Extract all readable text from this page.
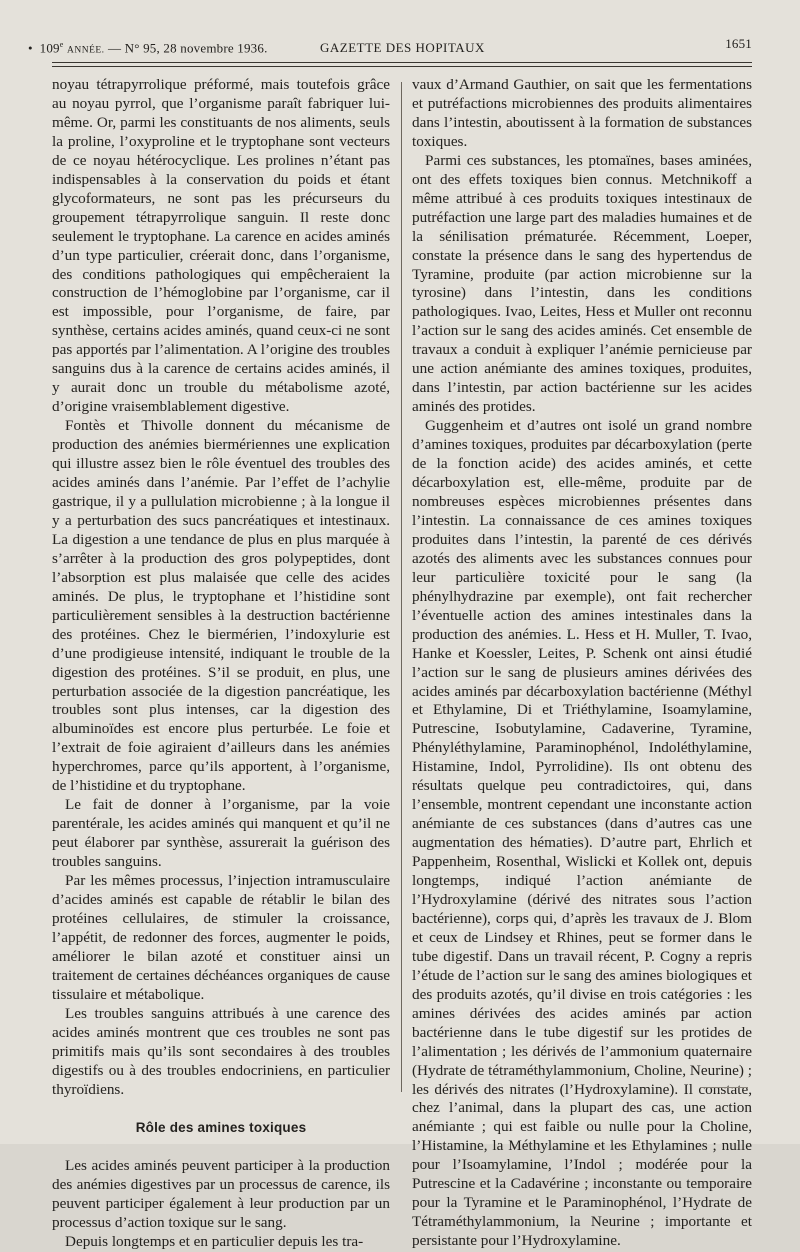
•  109e ANNÉE. — N° 95, 28 novembre 1936.	GAZETTE DES HOPITAUX	1651

noyau tétrapyrrolique préformé, mais toutefois grâce au noyau pyrrol, que l’organisme paraît fabriquer lui-même. Or, parmi les constituants de nos aliments, seuls la proline, l’oxyproline et le tryptophane sont vecteurs de ce noyau hétérocyclique. Les prolines n’étant pas indispensables à la conservation du poids et étant glycoformateurs, ne sont pas les précurseurs du groupement tétrapyrrolique sanguin. Il reste donc seulement le tryptophane. La carence en acides aminés d’un type particulier, créerait donc, dans l’organisme, des conditions pathologiques qui empêcheraient la construction de l’hémoglobine par l’organisme, car il est impossible, pour l’organisme, de faire, par synthèse, certains acides aminés, quand ceux-ci ne sont pas apportés par l’alimentation. A l’origine des troubles sanguins dus à la carence de certains acides aminés, il y aurait donc un trouble du métabolisme azoté, d’origine vraisemblablement digestive.

Fontès et Thivolle donnent du mécanisme de production des anémies biermériennes une explication qui illustre assez bien le rôle éventuel des troubles des acides aminés dans l’anémie. Par l’effet de l’achylie gastrique, il y a pullulation microbienne ; à la longue il y a perturbation des sucs pancréatiques et intestinaux. La digestion a une tendance de plus en plus marquée à s’arrêter à la production des gros polypeptides, dont l’absorption est plus malaisée que celle des acides aminés. De plus, le tryptophane et l’histidine sont particulièrement sensibles à la destruction bactérienne des protéines. Chez le biermérien, l’indoxylurie est d’une prodigieuse intensité, indiquant le trouble de la digestion des protéines. S’il se produit, en plus, une perturbation associée de la digestion pancréatique, les troubles sont plus intenses, car la digestion des albuminoïdes est encore plus perturbée. Le foie et l’extrait de foie agiraient d’ailleurs dans les anémies hyperchromes, parce qu’ils apportent, à l’organisme, de l’histidine et du tryptophane.

Le fait de donner à l’organisme, par la voie parentérale, les acides aminés qui manquent et qu’il ne peut élaborer par synthèse, assurerait la guérison des troubles sanguins.

Par les mêmes processus, l’injection intramusculaire d’acides aminés est capable de rétablir le bilan des protéines cellulaires, de stimuler la croissance, l’appétit, de redonner des forces, augmenter le poids, améliorer le bilan azoté et constituer ainsi un traitement de certaines déchéances organiques de cause tissulaire et métabolique.

Les troubles sanguins attribués à une carence des acides aminés montrent que ces troubles ne sont pas primitifs mais qu’ils sont secondaires à des troubles digestifs ou à des troubles endocriniens, en particulier thyroïdiens.

Rôle des amines toxiques

Les acides aminés peuvent participer à la production des anémies digestives par un processus de carence, ils peuvent participer également à leur production par un processus d’action toxique sur le sang.

Depuis longtemps et en particulier depuis les tra-

vaux d’Armand Gauthier, on sait que les fermentations et putréfactions microbiennes des produits alimentaires dans l’intestin, aboutissent à la formation de substances toxiques.

Parmi ces substances, les ptomaïnes, bases aminées, ont des effets toxiques bien connus. Metchnikoff a même attribué à ces produits toxiques intestinaux de putréfaction une large part des maladies humaines et de la sénilisation prématurée. Récemment, Loeper, constate la présence dans le sang des hypertendus de Tyramine, produite (par action microbienne sur la tyrosine) dans l’intestin, dans les conditions pathologiques. Ivao, Leites, Hess et Muller ont reconnu l’action sur le sang des acides aminés. Cet ensemble de travaux a conduit à expliquer l’anémie pernicieuse par une action anémiante des amines toxiques, produites, dans l’intestin, par action bactérienne sur les acides aminés des protides.

Guggenheim et d’autres ont isolé un grand nombre d’amines toxiques, produites par décarboxylation (perte de la fonction acide) des acides aminés, et cette décarboxylation est, elle-même, produite par de nombreuses espèces microbiennes présentes dans l’intestin. La connaissance de ces amines toxiques produites dans l’intestin, la parenté de ces dérivés azotés des aliments avec les substances connues pour leur particulière toxicité pour le sang (la phénylhydrazine par exemple), ont fait rechercher l’éventuelle action des amines intestinales dans la production des anémies. L. Hess et H. Muller, T. Ivao, Hanke et Koessler, Leites, P. Schenk ont ainsi étudié l’action sur le sang de plusieurs amines dérivées des acides aminés par décarboxylation bactérienne (Méthyl et Ethylamine, Di et Triéthylamine, Isoamylamine, Putrescine, Isobutylamine, Cadaverine, Tyramine, Phényléthylamine, Paraminophénol, Indoléthylamine, Histamine, Indol, Pyrrolidine). Ils ont obtenu des résultats quelque peu contradictoires, qui, dans l’ensemble, montrent cependant une inconstante action anémiante de ces substances (dans d’autres cas une augmentation des hématies). D’autre part, Ehrlich et Pappenheim, Rosenthal, Wislicki et Kollek ont, depuis longtemps, indiqué l’action anémiante de l’Hydroxylamine (dérivé des nitrates sous l’action bactérienne), corps qui, d’après les travaux de J. Blom et ceux de Lindsey et Rhines, peut se former dans le tube digestif. Dans un travail récent, P. Cogny a repris l’étude de l’action sur le sang des amines biologiques et des produits azotés, qu’il divise en trois catégories : les amines dérivées des acides aminés par action bactérienne dans le tube digestif sur les protides de l’alimentation ; les dérivés de l’ammonium quaternaire (Hydrate de tétraméthylammonium, Choline, Neurine) ; les dérivés des nitrates (l’Hydroxylamine). Il constate, chez l’animal, dans la plupart des cas, une action anémiante ; qui est faible ou nulle pour la Choline, l’Histamine, la Méthylamine et les Ethylamines ; nulle pour l’Isoamylamine, l’Indol ; modérée pour la Putrescine et la Cadavérine ; inconstante ou temporaire pour la Tyramine et le Paraminophénol, l’Hydrate de Tétraméthylammonium, la Neurine ; importante et persistante pour l’Hydroxylamine.
